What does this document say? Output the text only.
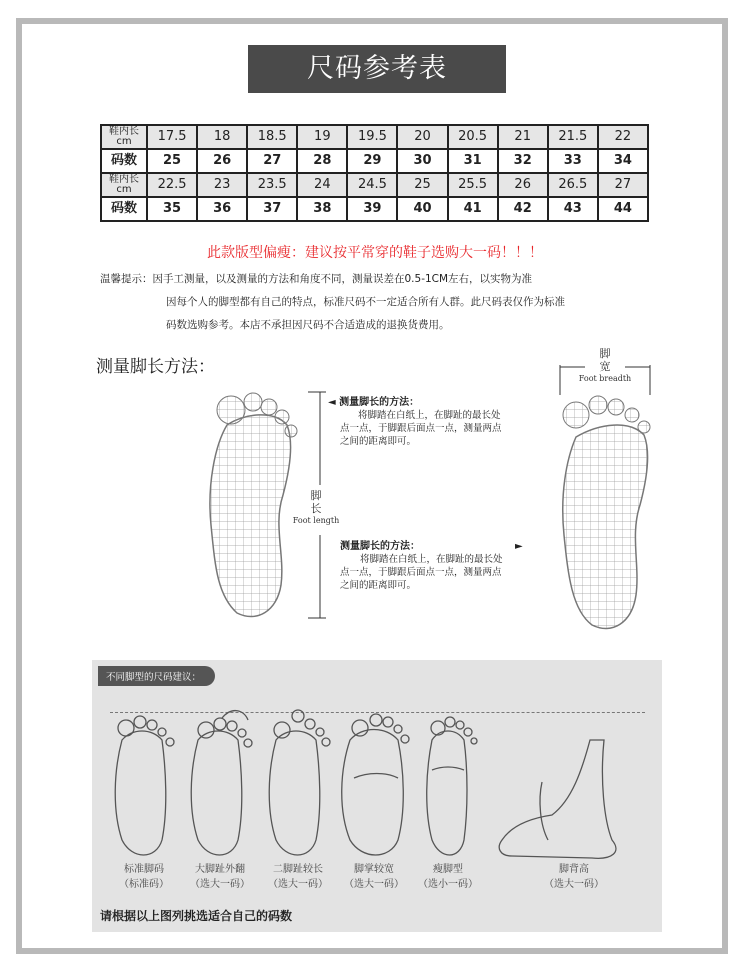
尺码参考表
鞋内长
cm	17.5	18	18.5	19	19.5	20	20.5	21	21.5	22
码数	25	26	27	28	29	30	31	32	33	34
鞋内长
cm	22.5	23	23.5	24	24.5	25	25.5	26	26.5	27
码数	35	36	37	38	39	40	41	42	43	44
此款版型偏瘦：建议按平常穿的鞋子选购大一码！！！
温馨提示：因手工测量，以及测量的方法和角度不同，测量误差在0.5-1CM左右，以实物为准
因每个人的脚型都有自己的特点，标准尺码不一定适合所有人群。此尺码表仅作为标准
码数选购参考。本店不承担因尺码不合适造成的退换货费用。
测量脚长方法：
脚
长
Foot length
◄ 测量脚长的方法：
将脚踏在白纸上，在脚趾的最长处
点一点，于脚跟后面点一点，测量两点
之间的距离即可。
测量脚长的方法：	►
将脚踏在白纸上，在脚趾的最长处
点一点，于脚跟后面点一点，测量两点
之间的距离即可。
脚
宽
Foot breadth
不同脚型的尺码建议：
标准脚码
（标准码）
大脚趾外翻
（选大一码）
二脚趾较长
（选大一码）
脚掌较宽
（选大一码）
瘦脚型
（选小一码）
脚背高
（选大一码）
请根据以上图列挑选适合自己的码数
